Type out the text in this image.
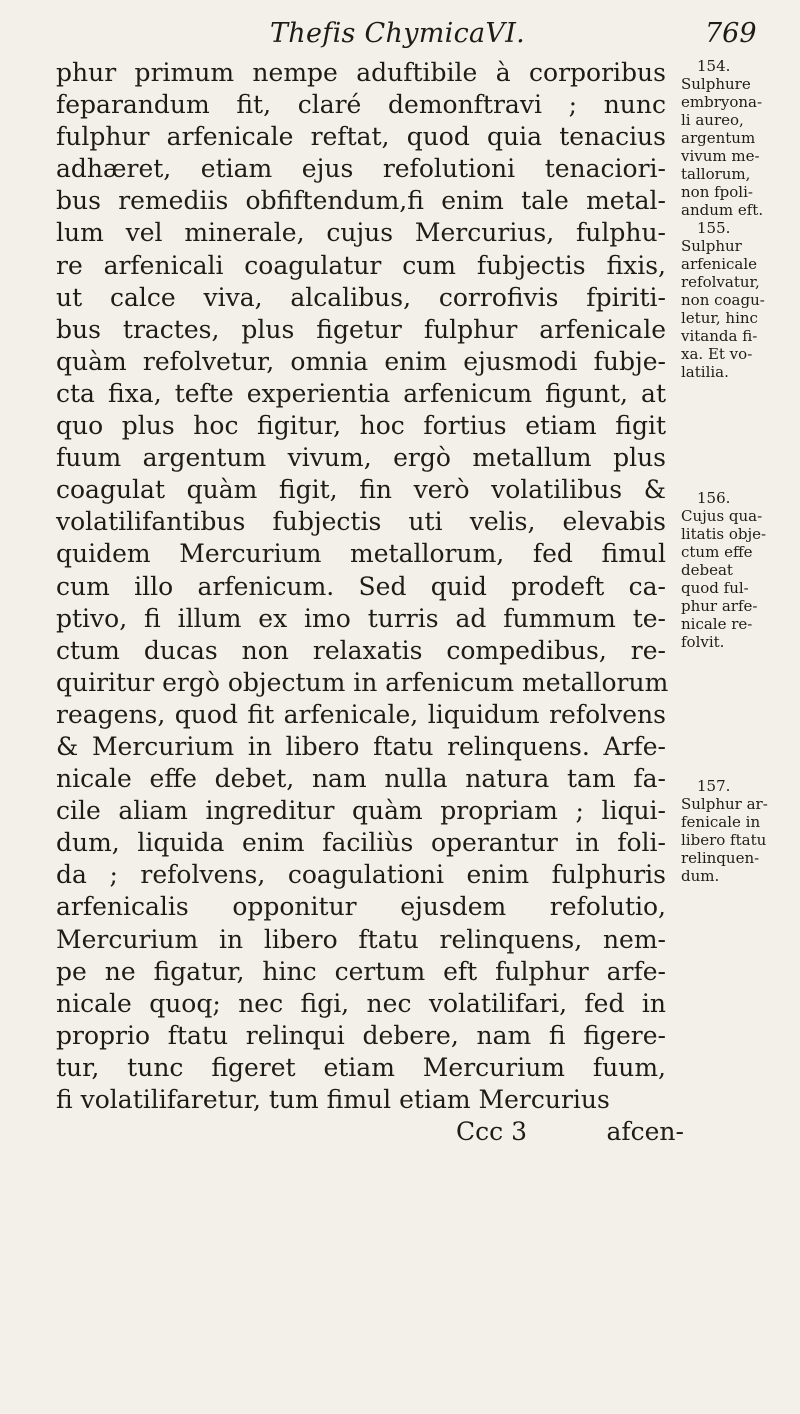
Thefis ChymicaVI.	769
phur primum nempe aduftibile à corporibus
feparandum fit, claré demonftravi ; nunc
fulphur arfenicale reftat, quod quia tenacius
adhæret, etiam ejus refolutioni tenaciori-
bus remediis obfiftendum,fi enim tale metal-
lum vel minerale, cujus Mercurius, fulphu-
re arfenicali coagulatur cum fubjectis fixis,
ut calce viva, alcalibus, corrofivis fpiriti-
bus tractes, plus figetur fulphur arfenicale
quàm refolvetur, omnia enim ejusmodi fubje-
cta fixa, tefte experientia arfenicum figunt, at
quo plus hoc figitur, hoc fortius etiam figit
fuum argentum vivum, ergò metallum plus
coagulat quàm figit, fin verò volatilibus &
volatilifantibus fubjectis uti velis, elevabis
quidem Mercurium metallorum, fed fimul
cum illo arfenicum. Sed quid prodeft ca-
ptivo, fi illum ex imo turris ad fummum te-
ctum ducas non relaxatis compedibus, re-
quiritur ergò objectum in arfenicum metallorum
reagens, quod fit arfenicale, liquidum refolvens
& Mercurium in libero ftatu relinquens. Arfe-
nicale effe debet, nam nulla natura tam fa-
cile aliam ingreditur quàm propriam ; liqui-
dum, liquida enim faciliùs operantur in foli-
da ; refolvens, coagulationi enim fulphuris
arfenicalis opponitur ejusdem refolutio,
Mercurium in libero ftatu relinquens, nem-
pe ne figatur, hinc certum eft fulphur arfe-
nicale quoq; nec figi, nec volatilifari, fed in
proprio ftatu relinqui debere, nam fi figere-
tur, tunc figeret etiam Mercurium fuum,
fi volatilifaretur, tum fimul etiam Mercurius
Ccc 3          afcen-
154.
Sulphure
embryona-
li aureo,
argentum
vivum me-
tallorum,
non fpoli-
andum eft.
155.
Sulphur
arfenicale
refolvatur,
non coagu-
letur, hinc
vitanda fi-
xa. Et vo-
latilia.
156.
Cujus qua-
litatis obje-
ctum effe
debeat
quod ful-
phur arfe-
nicale re-
folvit.
157.
Sulphur ar-
fenicale in
libero ftatu
relinquen-
dum.
